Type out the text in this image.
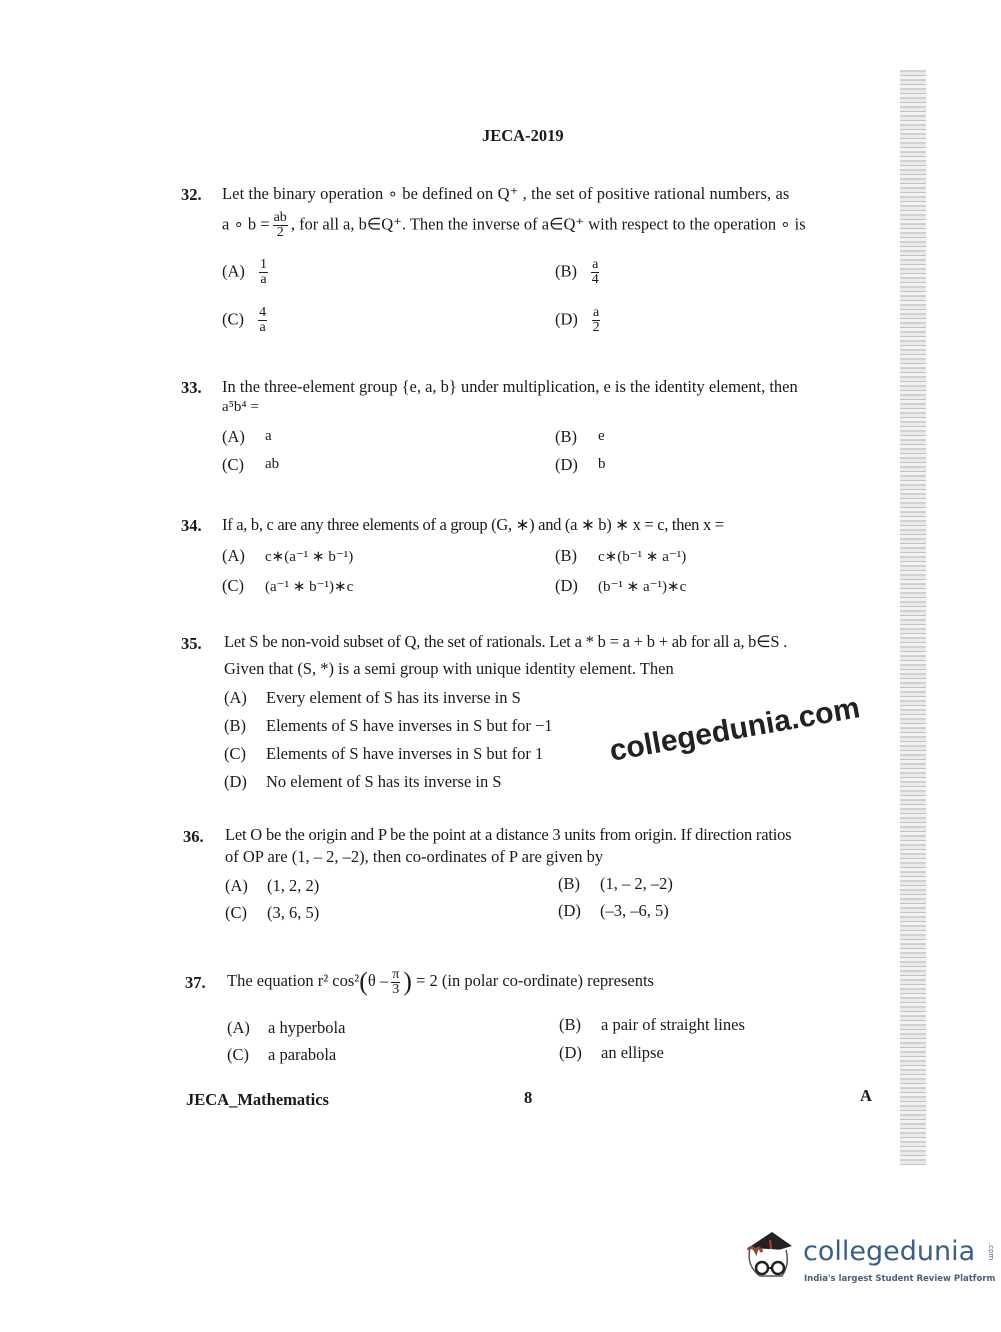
JECA-2019
32. Let the binary operation ∘ be defined on Q⁺ , the set of positive rational numbers, as
a ∘ $b = \frac{ab}{2}$ , for all a, b∈Q⁺. Then the inverse of a∈Q⁺ with respect to the operation ∘ is
$(A) \frac{1}{a}$	$(B) \frac{a}{4}$
$(C) \frac{4}{a}$	$(D) \frac{a}{2}$
33. In the three-element group {e, a, b} under multiplication, e is the identity element, then
a⁵b⁴ =
(A) a	(B) e
(C) ab	(D) b
34. If a, b, c are any three elements of a group (G, ∗) and (a ∗ b) ∗ x = c, then x =
(A) c∗(a⁻¹ ∗ b⁻¹)	(B) c∗(b⁻¹ ∗ a⁻¹)
(C) (a⁻¹ ∗ b⁻¹)∗c	(D) (b⁻¹ ∗ a⁻¹)∗c
35. Let S be non-void subset of Q, the set of rationals. Let a * b = a + b + ab for all a, b∈S .
Given that (S, *) is a semi group with unique identity element. Then
(A) Every element of S has its inverse in S
(B) Elements of S have inverses in S but for −1
(C) Elements of S have inverses in S but for 1
(D) No element of S has its inverse in S
collegedunia.com
36. Let O be the origin and P be the point at a distance 3 units from origin. If direction ratios
of OP are (1, – 2, –2), then co-ordinates of P are given by
(A) (1, 2, 2)	(B) (1, – 2, –2)
(C) (3, 6, 5)	(D) (–3, –6, 5)
37. The equation r² $\cos^2(\theta - \frac{\pi}{3}$ ) = 2 (in polar co-ordinate) represents
(A) a hyperbola	(B) a pair of straight lines
(C) a parabola	(D) an ellipse
JECA_Mathematics	8	A
collegedunia .com
India's largest Student Review Platform
